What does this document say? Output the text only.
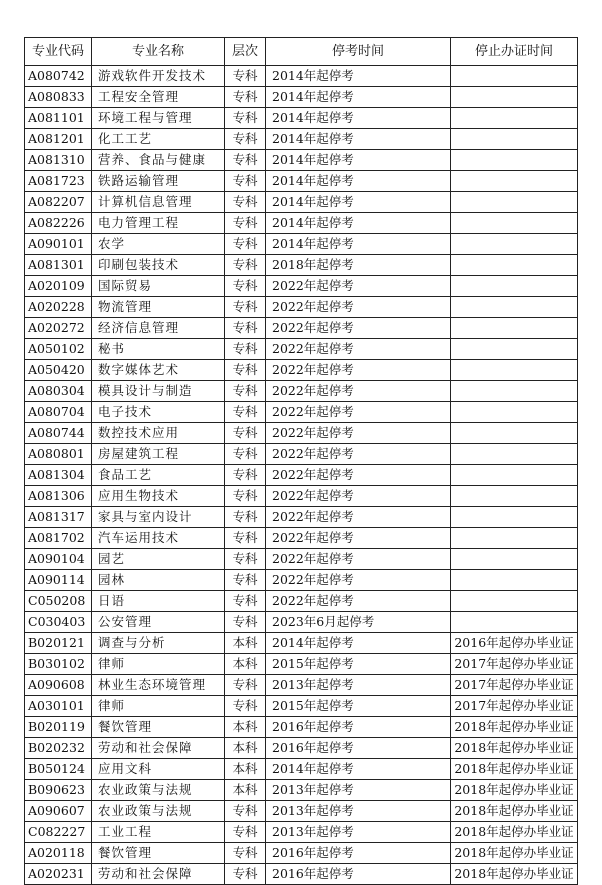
专业代码	专业名称	层次	停考时间	停止办证时间
A080742	游戏软件开发技术	专科	2014年起停考	
A080833	工程安全管理	专科	2014年起停考	
A081101	环境工程与管理	专科	2014年起停考	
A081201	化工工艺	专科	2014年起停考	
A081310	营养、食品与健康	专科	2014年起停考	
A081723	铁路运输管理	专科	2014年起停考	
A082207	计算机信息管理	专科	2014年起停考	
A082226	电力管理工程	专科	2014年起停考	
A090101	农学	专科	2014年起停考	
A081301	印刷包装技术	专科	2018年起停考	
A020109	国际贸易	专科	2022年起停考	
A020228	物流管理	专科	2022年起停考	
A020272	经济信息管理	专科	2022年起停考	
A050102	秘书	专科	2022年起停考	
A050420	数字媒体艺术	专科	2022年起停考	
A080304	模具设计与制造	专科	2022年起停考	
A080704	电子技术	专科	2022年起停考	
A080744	数控技术应用	专科	2022年起停考	
A080801	房屋建筑工程	专科	2022年起停考	
A081304	食品工艺	专科	2022年起停考	
A081306	应用生物技术	专科	2022年起停考	
A081317	家具与室内设计	专科	2022年起停考	
A081702	汽车运用技术	专科	2022年起停考	
A090104	园艺	专科	2022年起停考	
A090114	园林	专科	2022年起停考	
C050208	日语	专科	2022年起停考	
C030403	公安管理	专科	2023年6月起停考	
B020121	调查与分析	本科	2014年起停考	2016年起停办毕业证
B030102	律师	本科	2015年起停考	2017年起停办毕业证
A090608	林业生态环境管理	专科	2013年起停考	2017年起停办毕业证
A030101	律师	专科	2015年起停考	2017年起停办毕业证
B020119	餐饮管理	本科	2016年起停考	2018年起停办毕业证
B020232	劳动和社会保障	本科	2016年起停考	2018年起停办毕业证
B050124	应用文科	本科	2014年起停考	2018年起停办毕业证
B090623	农业政策与法规	本科	2013年起停考	2018年起停办毕业证
A090607	农业政策与法规	专科	2013年起停考	2018年起停办毕业证
C082227	工业工程	专科	2013年起停考	2018年起停办毕业证
A020118	餐饮管理	专科	2016年起停考	2018年起停办毕业证
A020231	劳动和社会保障	专科	2016年起停考	2018年起停办毕业证
